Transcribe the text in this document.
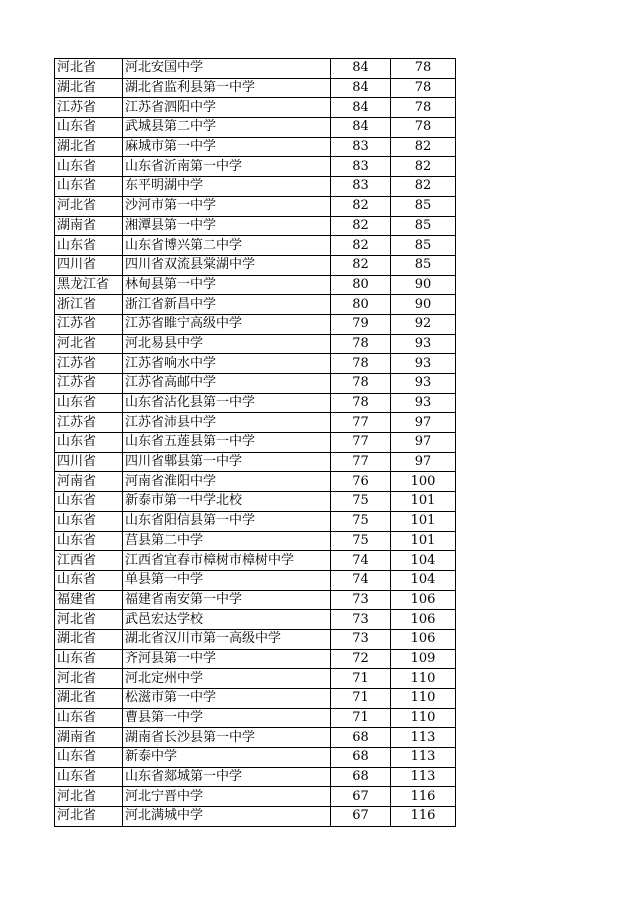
河北省	河北安国中学	84	78
湖北省	湖北省监利县第一中学	84	78
江苏省	江苏省泗阳中学	84	78
山东省	武城县第二中学	84	78
湖北省	麻城市第一中学	83	82
山东省	山东省沂南第一中学	83	82
山东省	东平明湖中学	83	82
河北省	沙河市第一中学	82	85
湖南省	湘潭县第一中学	82	85
山东省	山东省博兴第二中学	82	85
四川省	四川省双流县棠湖中学	82	85
黑龙江省	林甸县第一中学	80	90
浙江省	浙江省新昌中学	80	90
江苏省	江苏省睢宁高级中学	79	92
河北省	河北易县中学	78	93
江苏省	江苏省响水中学	78	93
江苏省	江苏省高邮中学	78	93
山东省	山东省沾化县第一中学	78	93
江苏省	江苏省沛县中学	77	97
山东省	山东省五莲县第一中学	77	97
四川省	四川省郫县第一中学	77	97
河南省	河南省淮阳中学	76	100
山东省	新泰市第一中学北校	75	101
山东省	山东省阳信县第一中学	75	101
山东省	莒县第二中学	75	101
江西省	江西省宜春市樟树市樟树中学	74	104
山东省	单县第一中学	74	104
福建省	福建省南安第一中学	73	106
河北省	武邑宏达学校	73	106
湖北省	湖北省汉川市第一高级中学	73	106
山东省	齐河县第一中学	72	109
河北省	河北定州中学	71	110
湖北省	松滋市第一中学	71	110
山东省	曹县第一中学	71	110
湖南省	湖南省长沙县第一中学	68	113
山东省	新泰中学	68	113
山东省	山东省郯城第一中学	68	113
河北省	河北宁晋中学	67	116
河北省	河北满城中学	67	116
